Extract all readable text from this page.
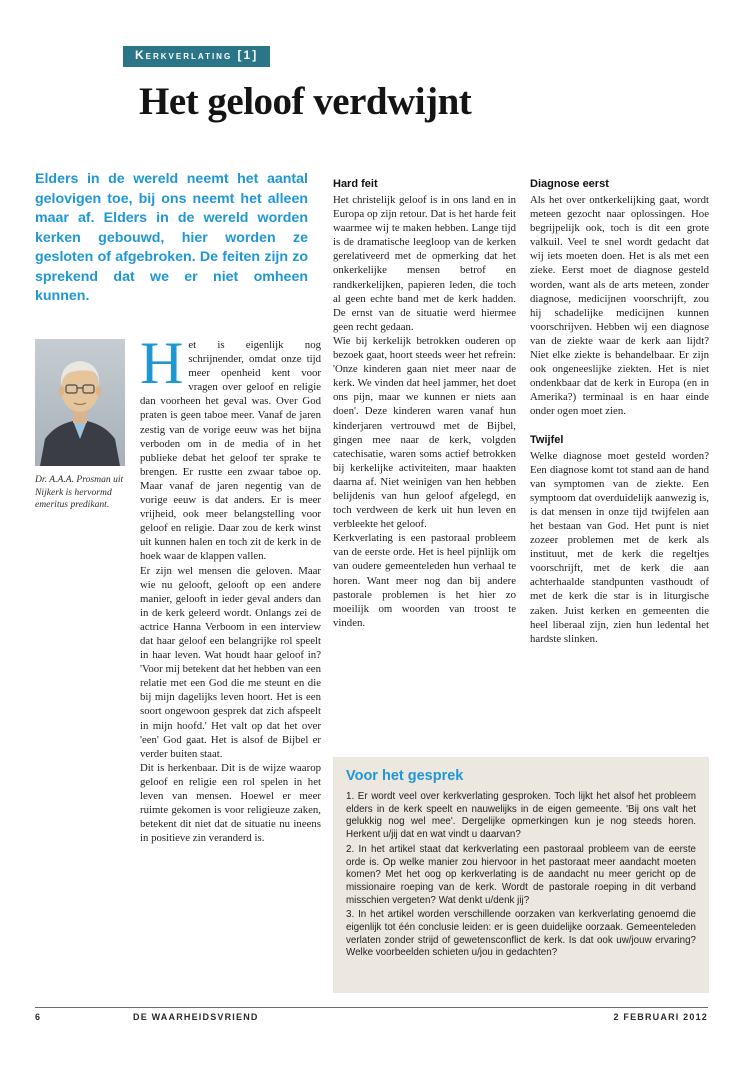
Kerkverlating [1]
Het geloof verdwijnt

Elders in de wereld neemt het aantal gelovigen toe, bij ons neemt het alleen maar af. Elders in de wereld worden kerken gebouwd, hier worden ze gesloten of afgebroken. De feiten zijn zo sprekend dat we er niet omheen kunnen.

Dr. A.A.A. Prosman uit Nijkerk is hervormd emeritus predikant.

Het is eigenlijk nog schrijnender, omdat onze tijd meer openheid kent voor vragen over geloof en religie dan voorheen het geval was. Over God praten is geen taboe meer. Vanaf de jaren zestig van de vorige eeuw was het bijna verboden om in de media of in het publieke debat het geloof ter sprake te brengen. Er rustte een zwaar taboe op. Maar vanaf de jaren negentig van de vorige eeuw is dat anders. Er is meer vrijheid, ook meer belangstelling voor geloof en religie. Daar zou de kerk winst uit kunnen halen en toch zit de kerk in de hoek waar de klappen vallen.

Er zijn wel mensen die geloven. Maar wie nu gelooft, gelooft op een andere manier, gelooft in ieder geval anders dan in de kerk geleerd wordt. Onlangs zei de actrice Hanna Verboom in een interview dat haar geloof een belangrijke rol speelt in haar leven. Wat houdt haar geloof in? 'Voor mij betekent dat het hebben van een relatie met een God die me steunt en die bij mijn dagelijks leven hoort. Het is een soort ongewoon gesprek dat zich afspeelt in mijn hoofd.' Het valt op dat het over 'een' God gaat. Het is alsof de Bijbel er verder buiten staat.

Dit is herkenbaar. Dit is de wijze waarop geloof en religie een rol spelen in het leven van mensen. Hoewel er meer ruimte gekomen is voor religieuze zaken, betekent dit niet dat de situatie nu ineens in positieve zin veranderd is.

Hard feit

Het christelijk geloof is in ons land en in Europa op zijn retour. Dat is het harde feit waarmee wij te maken hebben. Lange tijd is de dramatische leegloop van de kerken gerelativeerd met de opmerking dat het onkerkelijke mensen betrof en randkerkelijken, papieren leden, die toch al geen echte band met de kerk hadden. De ernst van de situatie werd hiermee geen recht gedaan.

Wie bij kerkelijk betrokken ouderen op bezoek gaat, hoort steeds weer het refrein: 'Onze kinderen gaan niet meer naar de kerk. We vinden dat heel jammer, het doet ons pijn, maar we kunnen er niets aan doen'. Deze kinderen waren vanaf hun kinderjaren vertrouwd met de Bijbel, gingen mee naar de kerk, volgden catechisatie, waren soms actief betrokken bij kerkelijke activiteiten, maar haakten daarna af. Niet weinigen van hen hebben belijdenis van hun geloof afgelegd, en toch verdween de kerk uit hun leven en verbleekte het geloof.

Kerkverlating is een pastoraal probleem van de eerste orde. Het is heel pijnlijk om van oudere gemeenteleden hun verhaal te horen. Want meer nog dan bij andere pastorale problemen is het hier zo moeilijk om woorden van troost te vinden.

Diagnose eerst

Als het over ontkerkelijking gaat, wordt meteen gezocht naar oplossingen. Hoe begrijpelijk ook, toch is dit een grote valkuil. Veel te snel wordt gedacht dat wij iets moeten doen. Het is als met een zieke. Eerst moet de diagnose gesteld worden, want als de arts meteen, zonder diagnose, medicijnen voorschrijft, zou hij schadelijke medicijnen kunnen voorschrijven. Hebben wij een diagnose van de ziekte waar de kerk aan lijdt? Niet elke ziekte is behandelbaar. Er zijn ook ongeneeslijke ziekten. Het is niet ondenkbaar dat de kerk in Europa (en in Amerika?) terminaal is en haar einde onder ogen moet zien.

Twijfel

Welke diagnose moet gesteld worden? Een diagnose komt tot stand aan de hand van symptomen van de ziekte. Een symptoom dat overduidelijk aanwezig is, is dat mensen in onze tijd twijfelen aan het bestaan van God. Het punt is niet zozeer problemen met de kerk als instituut, met de kerk die regeltjes voorschrijft, met de kerk die aan achterhaalde standpunten vasthoudt of met de kerk die star is in liturgische zaken. Juist kerken en gemeenten die heel liberaal zijn, zien hun ledental het hardste slinken.

Voor het gesprek

1. Er wordt veel over kerkverlating gesproken. Toch lijkt het alsof het probleem elders in de kerk speelt en nauwelijks in de eigen gemeente. 'Bij ons valt het gelukkig nog wel mee'. Dergelijke opmerkingen kun je nog steeds horen. Herkent u/jij dat en wat vindt u daarvan?

2. In het artikel staat dat kerkverlating een pastoraal probleem van de eerste orde is. Op welke manier zou hiervoor in het pastoraat meer aandacht moeten komen? Met het oog op kerkverlating is de aandacht nu meer gericht op de missionaire roeping van de kerk. Wordt de pastorale roeping in dit verband misschien vergeten? Wat denkt u/denk jij?

3. In het artikel worden verschillende oorzaken van kerkverlating genoemd die eigenlijk tot één conclusie leiden: er is geen duidelijke oorzaak. Gemeenteleden verlaten zonder strijd of gewetensconflict de kerk. Is dat ook uw/jouw ervaring? Welke voorbeelden schieten u/jou in gedachten?

6	DE WAARHEIDSVRIEND	2 FEBRUARI 2012
